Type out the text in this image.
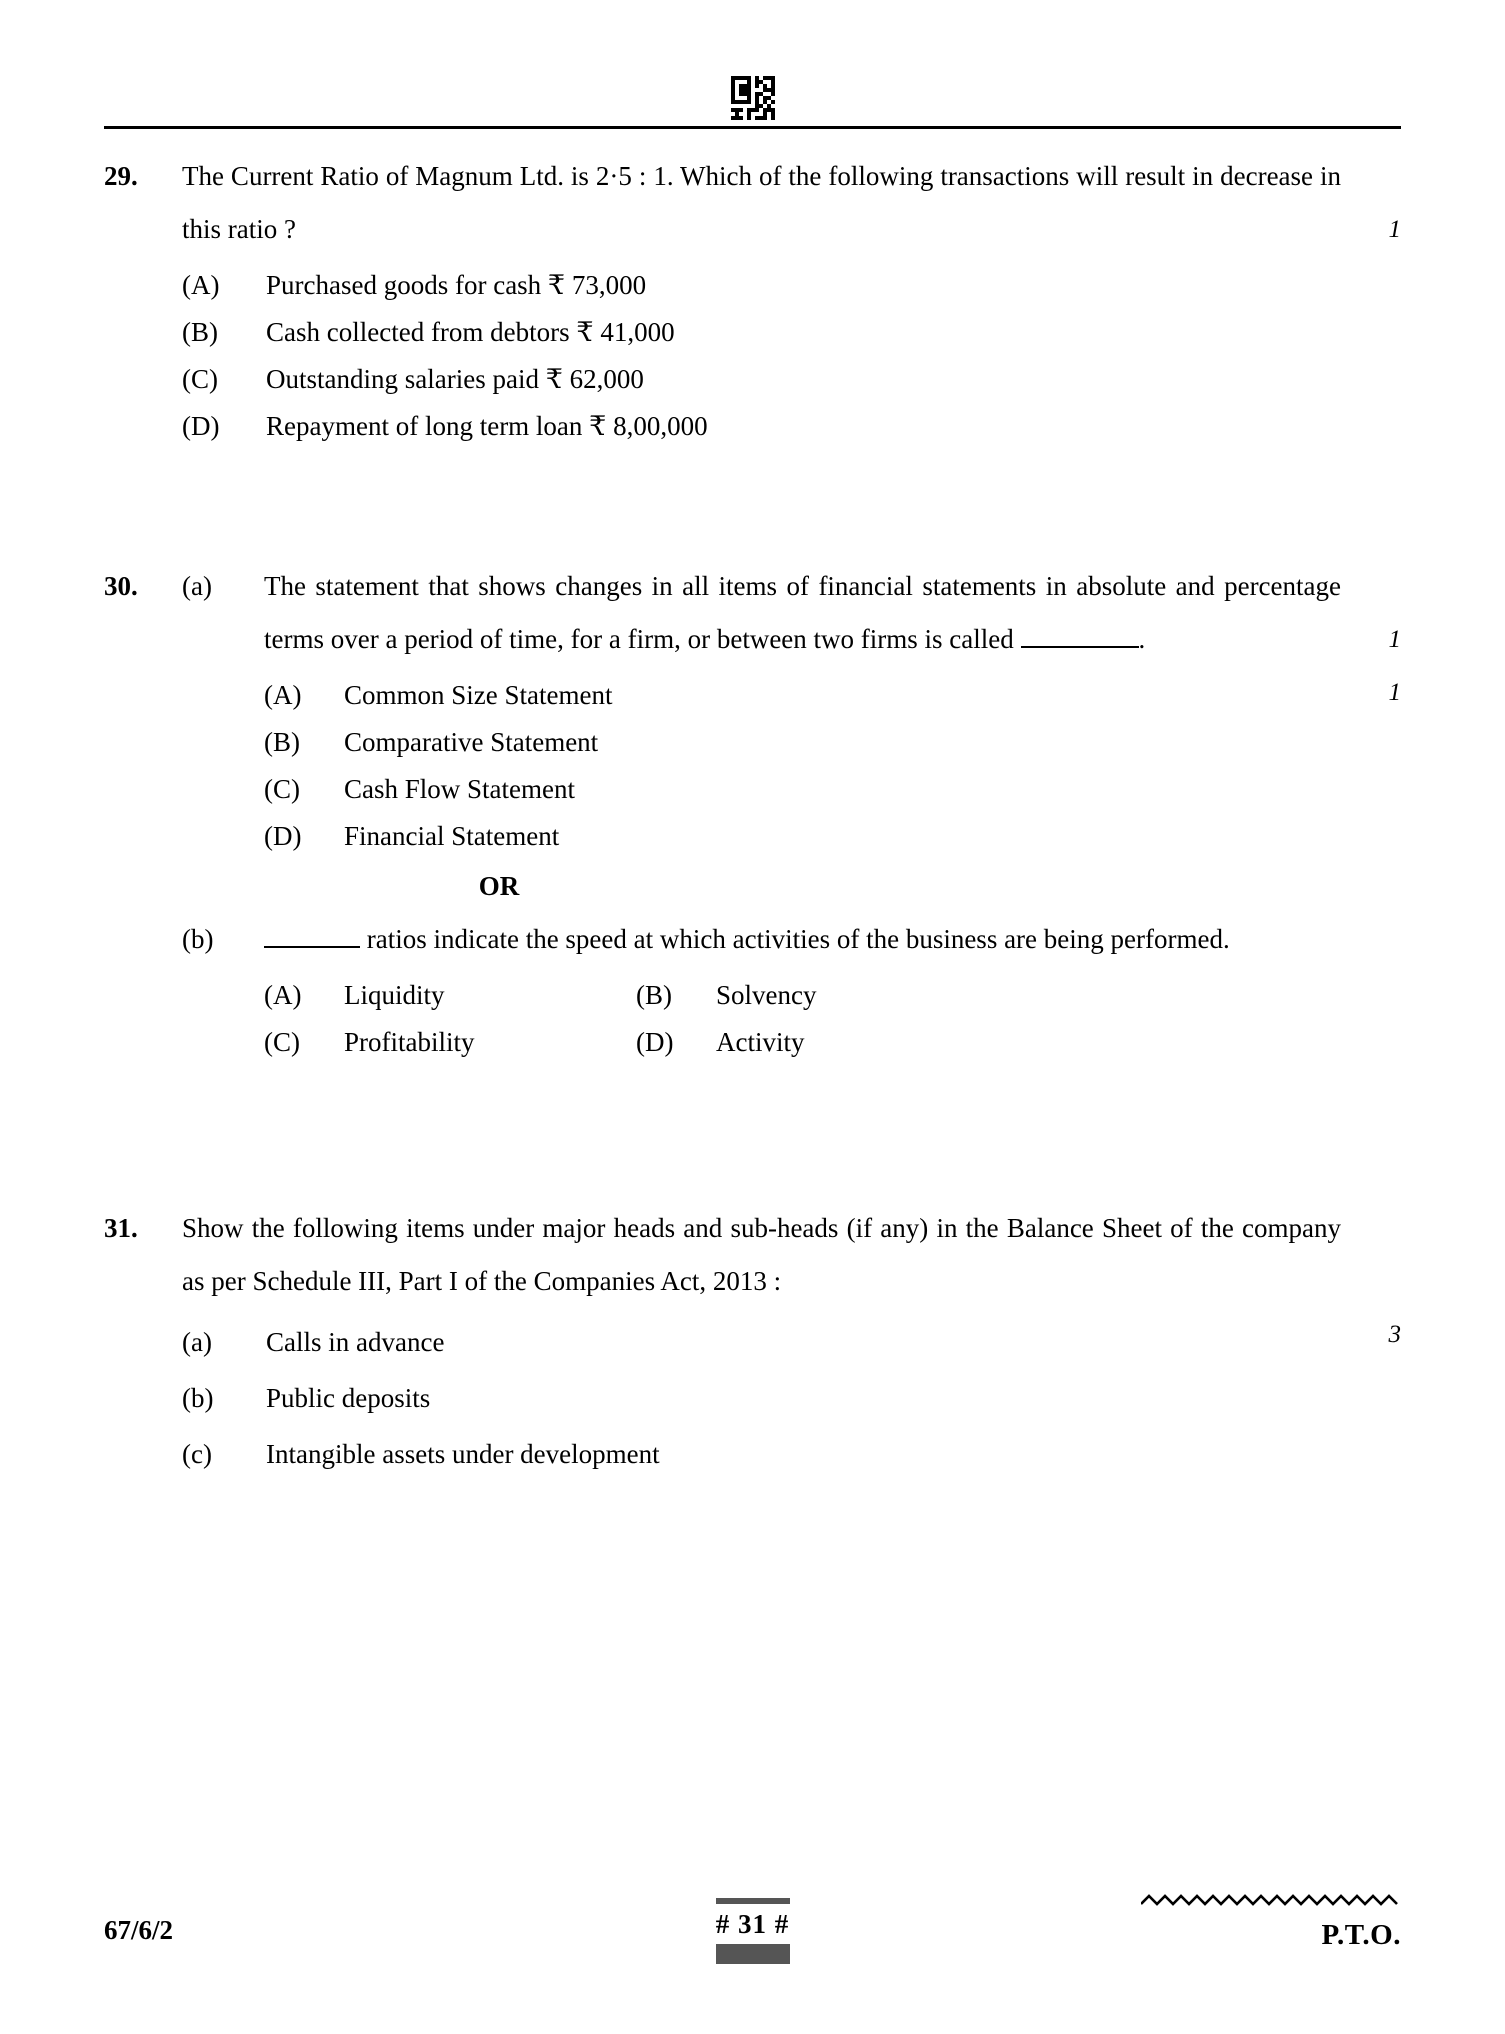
29.
1
The Current Ratio of Magnum Ltd. is 2·5 : 1. Which of the following transactions will result in decrease in this ratio ?
(A)	Purchased goods for cash ₹ 73,000
(B)	Cash collected from debtors ₹ 41,000
(C)	Outstanding salaries paid ₹ 62,000
(D)	Repayment of long term loan ₹ 8,00,000
30.	(a)
1
The statement that shows changes in all items of financial statements in absolute and percentage terms over a period of time, for a firm, or between two firms is called	.
(A)	Common Size Statement
(B)	Comparative Statement
(C)	Cash Flow Statement
(D)	Financial Statement
OR
(b)
1
ratios indicate the speed at which activities of the business are being performed.
(A)	Liquidity	(B)	Solvency
(C)	Profitability	(D)	Activity
31.
3
Show the following items under major heads and sub-heads (if any) in the Balance Sheet of the company as per Schedule III, Part I of the Companies Act, 2013 :
(a)	Calls in advance
(b)	Public deposits
(c)	Intangible assets under development
67/6/2	# 31 #	P.T.O.
